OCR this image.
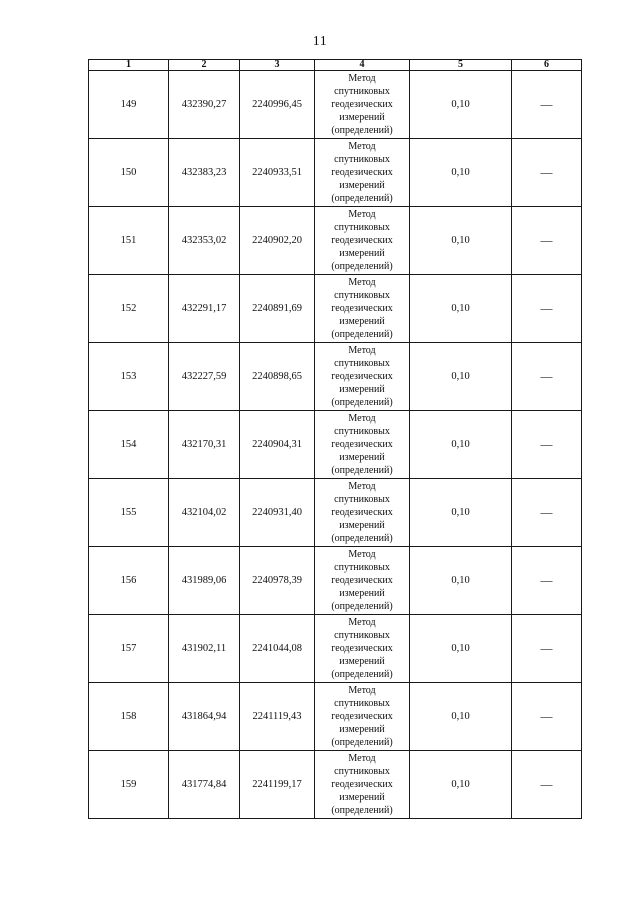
11
1	2	3	4	5	6
149	432390,27	2240996,45	Метод
спутниковых
геодезических
измерений
(определений)	0,10	—
150	432383,23	2240933,51	Метод
спутниковых
геодезических
измерений
(определений)	0,10	—
151	432353,02	2240902,20	Метод
спутниковых
геодезических
измерений
(определений)	0,10	—
152	432291,17	2240891,69	Метод
спутниковых
геодезических
измерений
(определений)	0,10	—
153	432227,59	2240898,65	Метод
спутниковых
геодезических
измерений
(определений)	0,10	—
154	432170,31	2240904,31	Метод
спутниковых
геодезических
измерений
(определений)	0,10	—
155	432104,02	2240931,40	Метод
спутниковых
геодезических
измерений
(определений)	0,10	—
156	431989,06	2240978,39	Метод
спутниковых
геодезических
измерений
(определений)	0,10	—
157	431902,11	2241044,08	Метод
спутниковых
геодезических
измерений
(определений)	0,10	—
158	431864,94	2241119,43	Метод
спутниковых
геодезических
измерений
(определений)	0,10	—
159	431774,84	2241199,17	Метод
спутниковых
геодезических
измерений
(определений)	0,10	—
